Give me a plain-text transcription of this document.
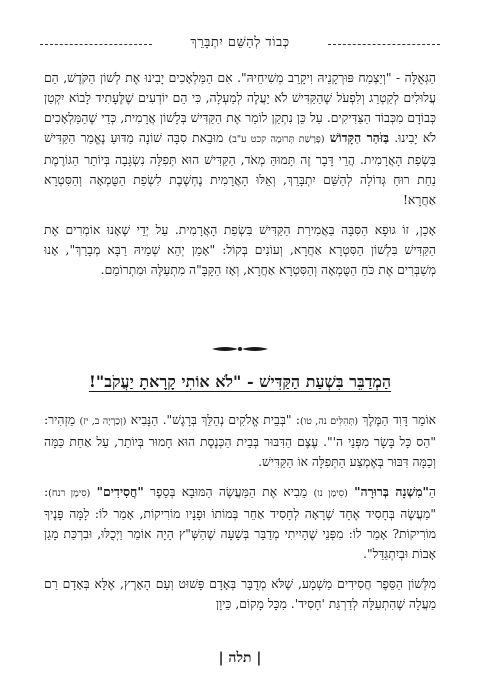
כְּבוֹד לְהַשֵּׁם יִתְבָּרֵךְ

הַגְּאֻלָּה - "וְיַצְמַח פּוּרְקָנֵיהּ וִיקָרֵב מְשִׁיחֵיהּ". אִם הַמַּלְאָכִים יָבִינוּ אֶת לְשׁוֹן הַקֹּדֶשׁ, הֵם עֲלוּלִים לְקַטְרֵג וְלִפְעֹל שֶׁהַקַּדִּישׁ לֹא יַעֲלֶה לְמַעְלָה, כִּי הֵם יוֹדְעִים שֶׁלֶּעָתִיד לָבוֹא יִקְטַן כְּבוֹדָם מִכְּבוֹד הַצַּדִּיקִים. עַל כֵּן נִתְקַן לוֹמַר אֶת הַקַּדִּישׁ בְּלָשׁוֹן אֲרָמִית, כְּדֵי שֶׁהַמַּלְאָכִים לֹא יָבִינוּ. בַּזֹּהַר הַקָּדוֹשׁ (פָּרָשַׁת תְּרוּמָה קכט ע"ב) מוּבֵאת סִבָּה שׁוֹנָה מַדּוּעַ נֶאֱמַר הַקַּדִּישׁ בִּשְׂפַת הָאֲרָמִית. הֲרֵי דָּבָר זֶה תָּמוּהַּ מְאֹד, הַקַּדִּישׁ הוּא תְּפִלָּה נִשְׂגָּבָה בְּיוֹתֵר הַגּוֹרֶמֶת נַחַת רוּחַ גְּדוֹלָה לְהַשֵּׁם יִתְבָּרֵךְ, וְאֵלּוּ הָאֲרָמִית נֶחְשֶׁבֶת לִשְׂפַת הַטֻּמְאָה וְהַסִּטְרָא אַחֲרָא!

אָכֵן, זוֹ גּוּפָא הַסִּבָּה בַּאֲמִירַת הַקַּדִּישׁ בִּשְׂפַת הָאֲרָמִית. עַל יְדֵי שֶׁאָנוּ אוֹמְרִים אֶת הַקַּדִּישׁ בִּלְשׁוֹן הַסִּטְרָא אַחֲרָא, וְעוֹנִים בְּקוֹל: "אָמֵן יְהֵא שְׁמֵיהּ רַבָּא מְבָרַךְ", אָנוּ מְשַׁבְּרִים אֶת כֹּחַ הַטֻּמְאָה וְהַסִּטְרָא אַחֲרָא, וְאָז הַקָּבָּ"ה מִתְעַלֶּה וּמִתְרוֹמֵם.

הַמְדַבֵּר בִּשְׁעַת הַקַּדִּישׁ - "לֹא אוֹתִי קָרָאתָ יַעֲקֹב"!

אוֹמֵר דָּוִד הַמֶּלֶךְ (תְּהִלִּים נה, טו): "בְּבֵית אֱלֹקִים נְהַלֵּךְ בְּרָגֶשׁ". הַנָּבִיא (זְכַרְיָה ב, יז) מַזְהִיר: "הַס כָּל בָּשָׂר מִפְּנֵי ה'". עֶצֶם הַדִּבּוּר בְּבֵית הַכְּנֶסֶת הוּא חָמוּר בְּיוֹתֵר, עַל אַחַת כַּמָּה וְכַמָּה דִּבּוּר בְּאֶמְצַע הַתְּפִלָּה אוֹ הַקַּדִּישׁ.

הַ"מִשְׁנָה בְּרוּרָה" (סִימָן נו) מֵבִיא אֶת הַמַּעֲשֶׂה הַמּוּבָא בְּסֵפֶר "חֲסִידִים" (סִימָן רנח): "מַעֲשֶׂה בְּחָסִיד אֶחָד שֶׁרָאָה לְחָסִיד אַחֵר בְּמוֹתוֹ וּפָנָיו מוֹרִיקוֹת, אָמַר לוֹ: לָמָּה פָּנֶיךָ מוֹרִיקוֹת? אָמַר לוֹ: מִפְּנֵי שֶׁהָיִיתִי מְדַבֵּר בְּשָׁעָה שֶׁהַשְּׁ"ץ הָיָה אוֹמֵר וַיְכֻלּוּ, וּבִרְכַּת מָגֵן אָבוֹת וּבְיִתְגַּדַּל".

מִלְּשׁוֹן הַסֵּפֶר חֲסִידִים מַשְׁמָע, שֶׁלֹּא מְדֻבָּר בְּאָדָם פָּשׁוּט וְעַם הָאָרֶץ, אֶלָּא בְּאָדָם רַם מַעֲלָה שֶׁהִתְעַלָּה לְדַרְגַּת 'חָסִיד'. מִכָּל מָקוֹם, כֵּיוָן

| תלה |
